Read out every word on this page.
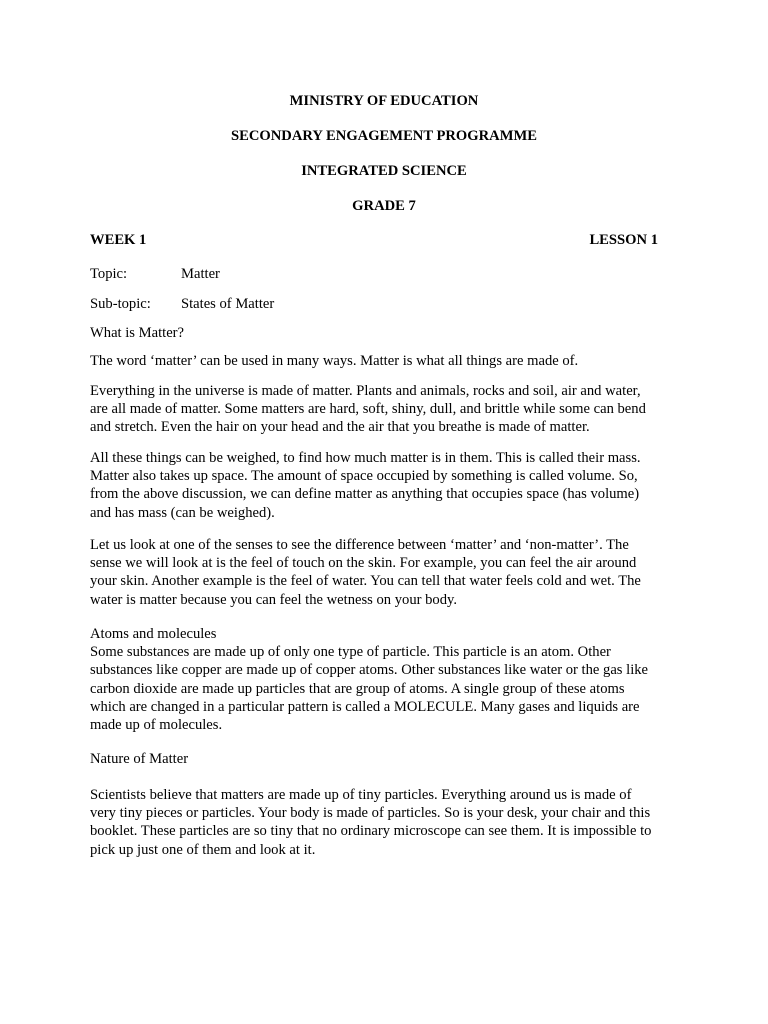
MINISTRY OF EDUCATION
SECONDARY ENGAGEMENT PROGRAMME
INTEGRATED SCIENCE
GRADE 7
WEEK 1	LESSON 1
Topic:	Matter
Sub-topic: States of Matter
What is Matter?
The word ‘matter’ can be used in many ways. Matter is what all things are made of.
Everything in the universe is made of matter. Plants and animals, rocks and soil, air and water,
are all made of matter. Some matters are hard, soft, shiny, dull, and brittle while some can bend
and stretch. Even the hair on your head and the air that you breathe is made of matter.
All these things can be weighed, to find how much matter is in them. This is called their mass.
Matter also takes up space. The amount of space occupied by something is called volume. So,
from the above discussion, we can define matter as anything that occupies space (has volume)
and has mass (can be weighed).
Let us look at one of the senses to see the difference between ‘matter’ and ‘non-matter’. The
sense we will look at is the feel of touch on the skin. For example, you can feel the air around
your skin. Another example is the feel of water. You can tell that water feels cold and wet. The
water is matter because you can feel the wetness on your body.
Atoms and molecules
Some substances are made up of only one type of particle. This particle is an atom. Other
substances like copper are made up of copper atoms. Other substances like water or the gas like
carbon dioxide are made up particles that are group of atoms. A single group of these atoms
which are changed in a particular pattern is called a MOLECULE. Many gases and liquids are
made up of molecules.
Nature of Matter
Scientists believe that matters are made up of tiny particles. Everything around us is made of
very tiny pieces or particles. Your body is made of particles. So is your desk, your chair and this
booklet. These particles are so tiny that no ordinary microscope can see them. It is impossible to
pick up just one of them and look at it.
